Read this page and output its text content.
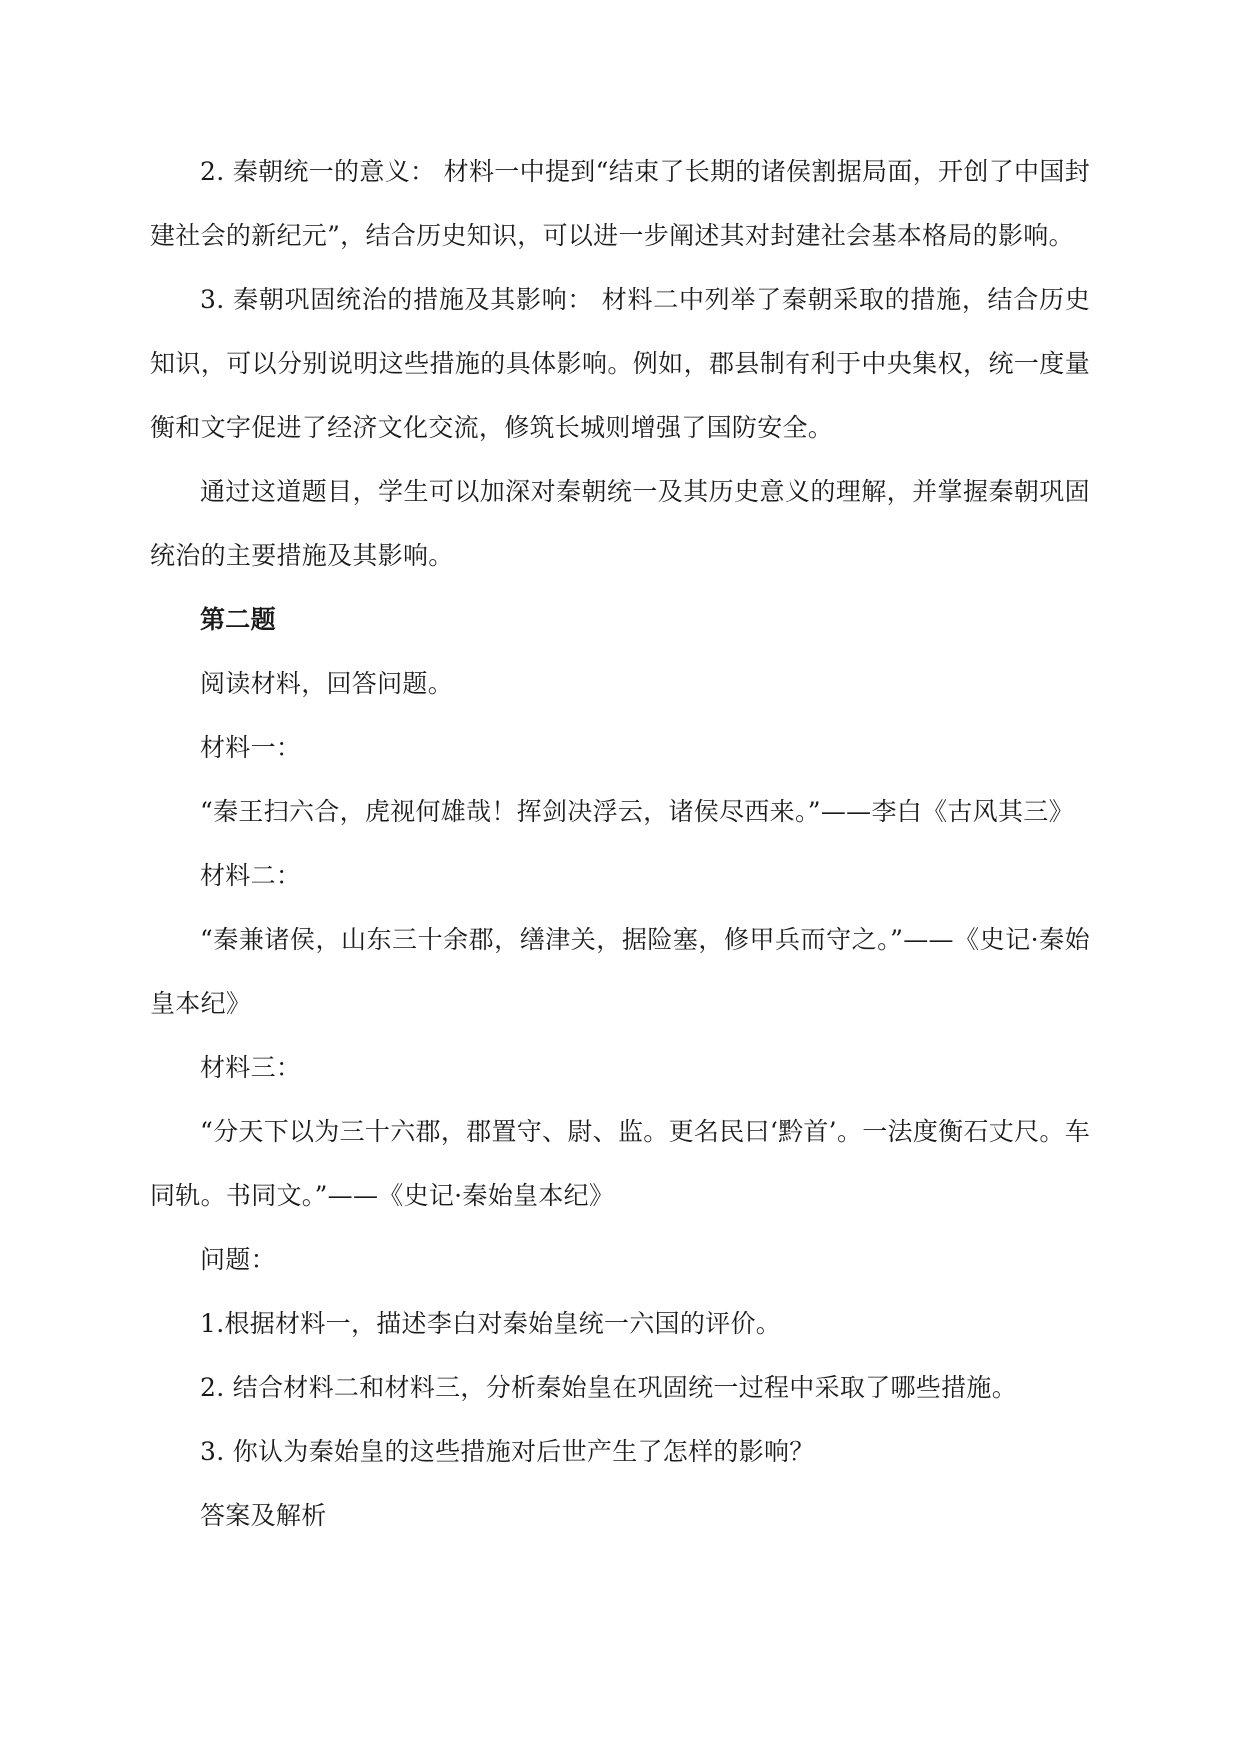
2. 秦朝统一的意义： 材料一中提到“结束了长期的诸侯割据局面，开创了中国封建社会的新纪元”，结合历史知识，可以进一步阐述其对封建社会基本格局的影响。

3. 秦朝巩固统治的措施及其影响： 材料二中列举了秦朝采取的措施，结合历史知识，可以分别说明这些措施的具体影响。例如，郡县制有利于中央集权，统一度量衡和文字促进了经济文化交流，修筑长城则增强了国防安全。

通过这道题目，学生可以加深对秦朝统一及其历史意义的理解，并掌握秦朝巩固统治的主要措施及其影响。

第二题

阅读材料，回答问题。

材料一：

“秦王扫六合，虎视何雄哉！挥剑决浮云，诸侯尽西来。”——李白《古风其三》

材料二：

“秦兼诸侯，山东三十余郡，缮津关，据险塞，修甲兵而守之。”——《史记·秦始皇本纪》

材料三：

“分天下以为三十六郡，郡置守、尉、监。更名民曰‘黔首’。一法度衡石丈尺。车同轨。书同文。”——《史记·秦始皇本纪》

问题：

1.根据材料一，描述李白对秦始皇统一六国的评价。

2. 结合材料二和材料三，分析秦始皇在巩固统一过程中采取了哪些措施。

3. 你认为秦始皇的这些措施对后世产生了怎样的影响？

答案及解析
